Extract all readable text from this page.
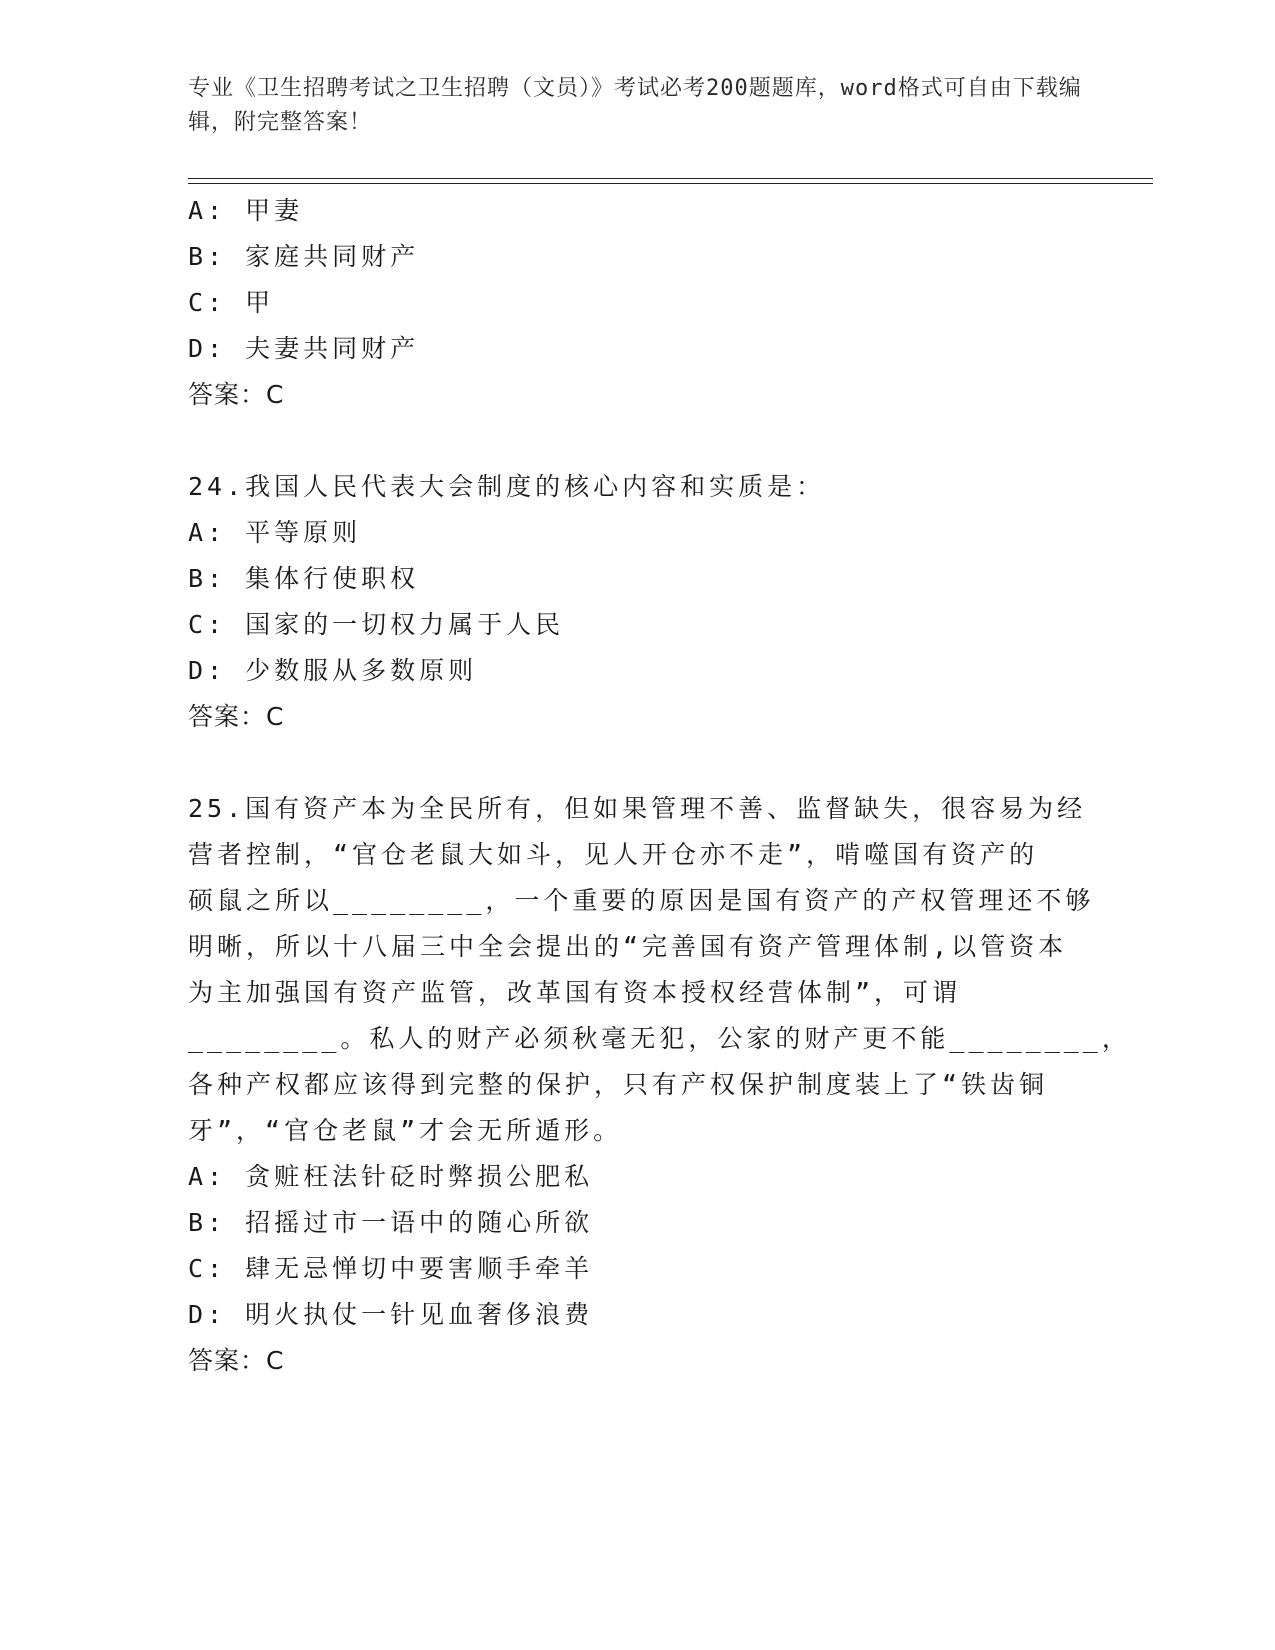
专业《卫生招聘考试之卫生招聘（文员）》考试必考200题题库，word格式可自由下载编辑，附完整答案！
A: 甲妻
B: 家庭共同财产
C: 甲
D: 夫妻共同财产
答案：C
24.我国人民代表大会制度的核心内容和实质是：
A: 平等原则
B: 集体行使职权
C: 国家的一切权力属于人民
D: 少数服从多数原则
答案：C
25.国有资产本为全民所有，但如果管理不善、监督缺失，很容易为经
营者控制，“官仓老鼠大如斗，见人开仓亦不走”，啃噬国有资产的
硕鼠之所以________，一个重要的原因是国有资产的产权管理还不够
明晰，所以十八届三中全会提出的“完善国有资产管理体制,以管资本
为主加强国有资产监管，改革国有资本授权经营体制”，可谓
________。私人的财产必须秋毫无犯，公家的财产更不能________，
各种产权都应该得到完整的保护，只有产权保护制度装上了“铁齿铜
牙”，“官仓老鼠”才会无所遁形。
A: 贪赃枉法针砭时弊损公肥私
B: 招摇过市一语中的随心所欲
C: 肆无忌惮切中要害顺手牵羊
D: 明火执仗一针见血奢侈浪费
答案：C
